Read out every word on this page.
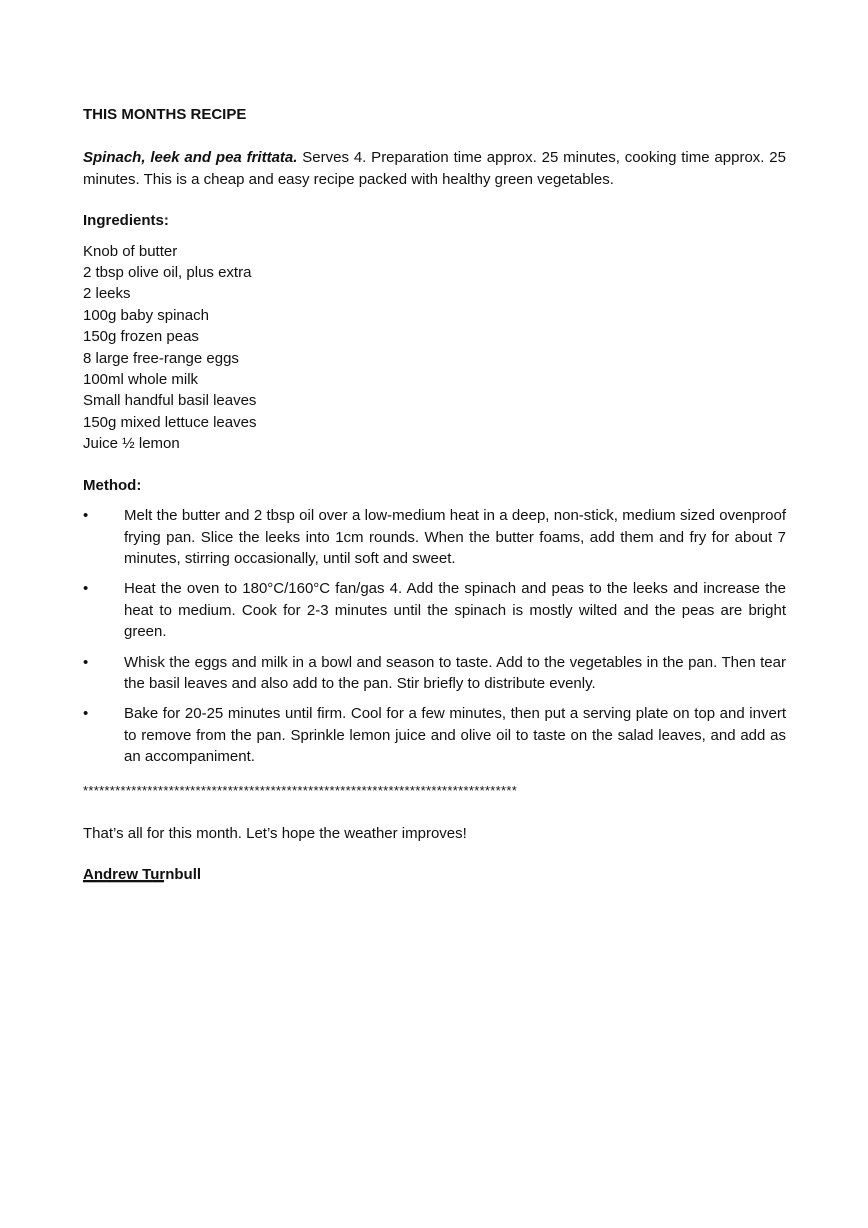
THIS MONTHS RECIPE

Spinach, leek and pea frittata. Serves 4. Preparation time approx. 25 minutes, cooking time approx. 25 minutes. This is a cheap and easy recipe packed with healthy green vegetables.

Ingredients:

Knob of butter
2 tbsp olive oil, plus extra
2 leeks
100g baby spinach
150g frozen peas
8 large free-range eggs
100ml whole milk
Small handful basil leaves
150g mixed lettuce leaves
Juice ½ lemon

Method:

•	Melt the butter and 2 tbsp oil over a low-medium heat in a deep, non-stick, medium sized ovenproof frying pan. Slice the leeks into 1cm rounds. When the butter foams, add them and fry for about 7 minutes, stirring occasionally, until soft and sweet.
•	Heat the oven to 180°C/160°C fan/gas 4. Add the spinach and peas to the leeks and increase the heat to medium. Cook for 2-3 minutes until the spinach is mostly wilted and the peas are bright green.
•	Whisk the eggs and milk in a bowl and season to taste. Add to the vegetables in the pan. Then tear the basil leaves and also add to the pan. Stir briefly to distribute evenly.
•	Bake for 20-25 minutes until firm. Cool for a few minutes, then put a serving plate on top and invert to remove from the pan. Sprinkle lemon juice and olive oil to taste on the salad leaves, and add as an accompaniment.

*********************************************************************************

That’s all for this month. Let’s hope the weather improves!

Andrew Turnbull

▔▔▔▔▔▔▔
